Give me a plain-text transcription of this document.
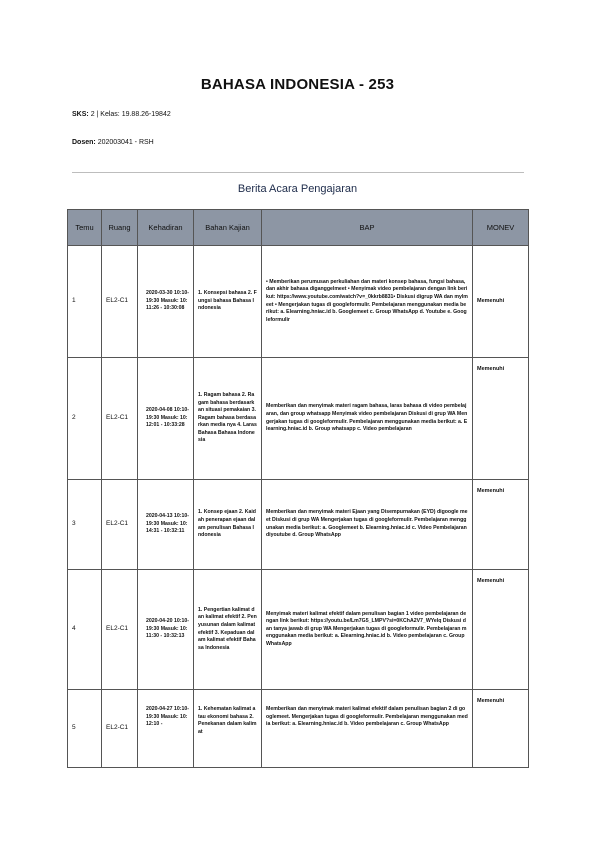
BAHASA INDONESIA - 253
SKS: 2 | Kelas: 19.88.26-19842
Dosen: 202003041 - RSH
Berita Acara Pengajaran
Temu	Ruang	Kehadiran	Bahan Kajian	BAP	MONEV
1	EL2-C1	2020-03-30 10:10-19:30 Masuk: 10:11:26 - 10:30:08	1. Konsepsi bahasa 2. Fungsi bahasa Bahasa Indonesia	• Memberikan perumusan perkuliahan dan materi konsep bahasa, fungsi bahasa, dan akhir bahasa diganggelmeet • Menyimak video pembelajaran dengan link berikut: https://www.youtube.com/watch?v=_0kkrb8831• Diskusi digrup WA dan mylmeet • Mengerjakan tugas di googleformulir. Pembelajaran menggunakan media berikut: a. Elearning.hniac.id b. Googlemeet c. Group WhatsApp d. Youtube e. Googleformulir	Memenuhi
2	EL2-C1	2020-04-08 10:10-19:30 Masuk: 10:12:01 - 10:33:28	1. Ragam bahasa 2. Ragam bahasa berdasarkan situasi pemakaian 3. Ragam bahasa berdasarkan media nya 4. Laras Bahasa Bahasa Indonesia	Memberikan dan menyimak materi ragam bahasa, laras bahasa di video pembelajaran, dan group whatsapp Menyimak video pembelajaran Diskusi di grup WA Mengerjakan tugas di googleformulir. Pembelajaran menggunakan media berikut: a. Elearning.hniac.id b. Group whatsapp c. Video pembelajaran	Memenuhi
3	EL2-C1	2020-04-13 10:10-19:30 Masuk: 10:14:31 - 10:32:11	1. Konsep ejaan 2. Kaidah penerapan ejaan dalam penulisan Bahasa Indonesia	Memberikan dan menyimak materi Ejaan yang Disempurnakan (EYD) digoogle meet Diskusi di grup WA Mengerjakan tugas di googleformulir. Pembelajaran menggunakan media berikut: a. Googlemeet b. Elearning.hniac.id c. Video Pembelajaran diyoutube d. Group WhatsApp	Memenuhi
4	EL2-C1	2020-04-20 10:10-19:30 Masuk: 10:11:30 - 10:32:13	1. Pengertian kalimat dan kalimat efektif 2. Penyusunan dalam kalimat efektif 3. Kepaduan dalam kalimat efektif Bahasa Indonesia	Menyimak materi kalimat efektif dalam penulisan bagian 1 video pembelajaran dengan link berikut: https://youtu.be/Lm7G5_LMPV?si=0KChA2V7_WYeIq Diskusi dan tanya jawab di grup WA Mengerjakan tugas di googleformulir. Pembelajaran menggunakan media berikut: a. Elearning.hniac.id b. Video pembelajaran c. Group WhatsApp	Memenuhi
5	EL2-C1	2020-04-27 10:10-19:30 Masuk: 10:12:10 -	1. Kehematan kalimat atau ekonomi bahasa 2. Penekanan dalam kalimat	Memberikan dan menyimak materi kalimat efektif dalam penulisan bagian 2 di googlemeet. Mengerjakan tugas di googleformulir. Pembelajaran menggunakan media berikut: a. Elearning.hniac.id b. Video pembelajaran c. Group WhatsApp	Memenuhi
